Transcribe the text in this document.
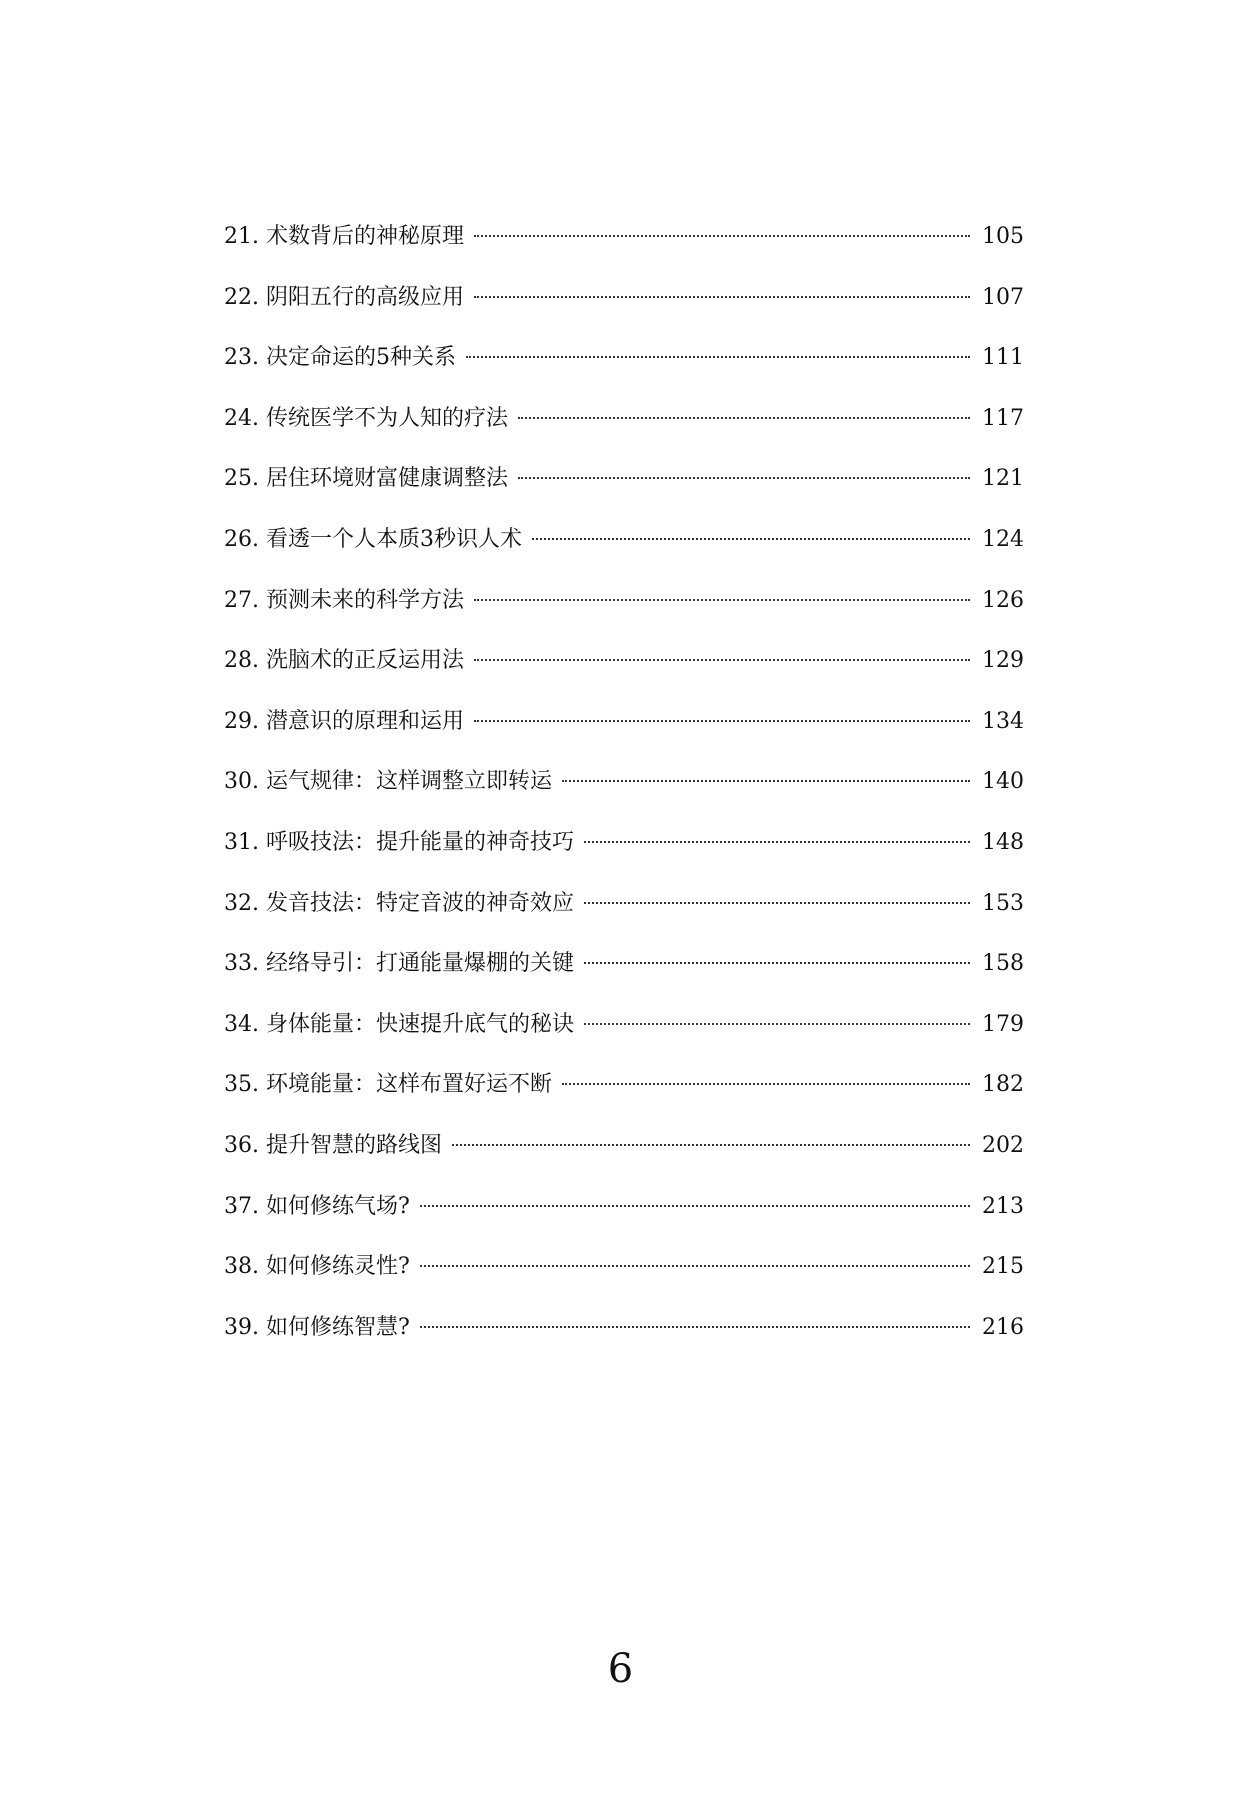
21. 术数背后的神秘原理	105
22. 阴阳五行的高级应用	107
23. 决定命运的5种关系	111
24. 传统医学不为人知的疗法	117
25. 居住环境财富健康调整法	121
26. 看透一个人本质3秒识人术	124
27. 预测未来的科学方法	126
28. 洗脑术的正反运用法	129
29. 潜意识的原理和运用	134
30. 运气规律：这样调整立即转运	140
31. 呼吸技法：提升能量的神奇技巧	148
32. 发音技法：特定音波的神奇效应	153
33. 经络导引：打通能量爆棚的关键	158
34. 身体能量：快速提升底气的秘诀	179
35. 环境能量：这样布置好运不断	182
36. 提升智慧的路线图	202
37. 如何修练气场?	213
38. 如何修练灵性?	215
39. 如何修练智慧?	216
6
